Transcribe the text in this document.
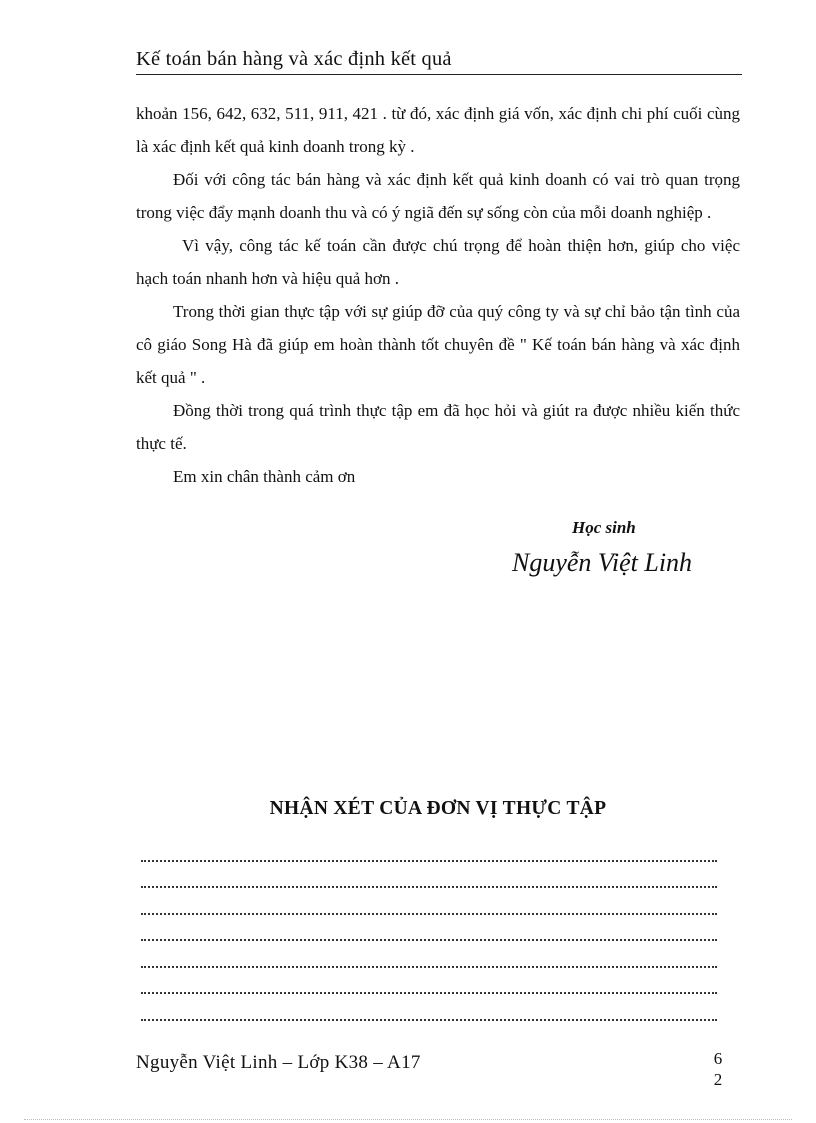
Kế toán bán hàng và xác định kết quả

khoản 156, 642, 632, 511, 911, 421 . từ đó, xác định giá vốn, xác định chi phí cuối cùng là xác định kết quả kinh doanh trong kỳ .

Đối với công tác bán hàng và xác định kết quả kinh doanh có vai trò quan trọng trong việc đẩy mạnh doanh thu và có ý ngiã đến sự sống còn của mỗi doanh nghiệp .

Vì vậy, công tác kế toán cần được chú trọng để hoàn thiện hơn, giúp cho việc hạch toán nhanh hơn và hiệu quả hơn .

Trong thời gian thực tập với sự giúp đỡ của quý công ty và sự chỉ bảo tận tình của cô giáo Song Hà đã giúp em hoàn thành tốt chuyên đề " Kế toán bán hàng và xác định kết quả " .

Đồng thời trong quá trình thực tập em đã học hỏi và giút ra được nhiều kiến thức thực tế.

Em xin chân thành cảm ơn

Học sinh
Nguyễn Việt Linh
NHẬN XÉT CỦA ĐƠN VỊ THỰC TẬP
Nguyễn Việt Linh – Lớp K38 – A17	6
2
